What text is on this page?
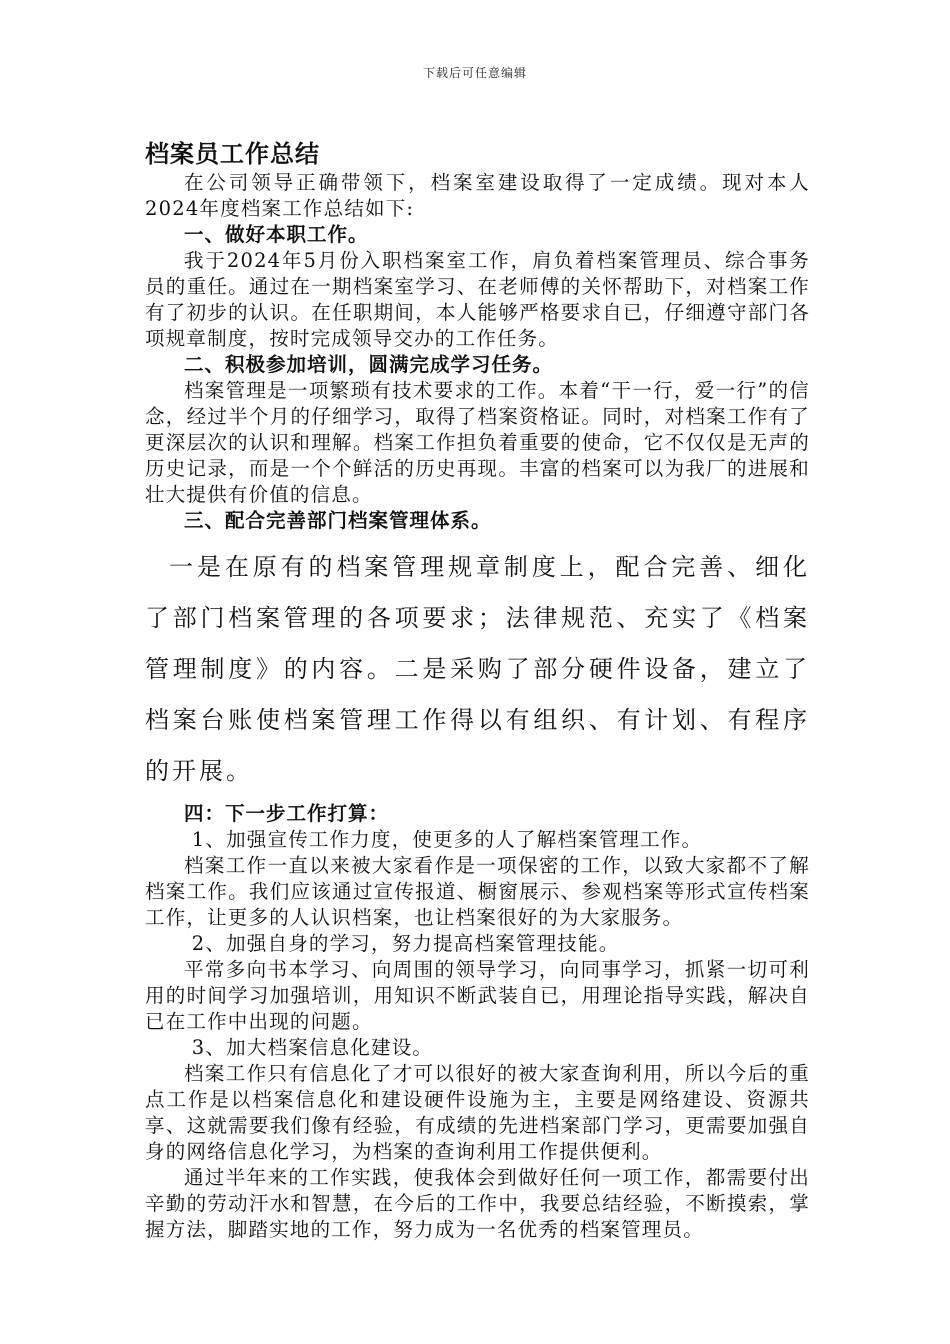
下载后可任意编辑
档案员工作总结

在公司领导正确带领下，档案室建设取得了一定成绩。现对本人2024年度档案工作总结如下:

一、做好本职工作。

我于2024年5月份入职档案室工作，肩负着档案管理员、综合事务员的重任。通过在一期档案室学习、在老师傅的关怀帮助下，对档案工作有了初步的认识。在任职期间，本人能够严格要求自已，仔细遵守部门各项规章制度，按时完成领导交办的工作任务。

二、积极参加培训，圆满完成学习任务。

档案管理是一项繁琐有技术要求的工作。本着“干一行，爱一行”的信念，经过半个月的仔细学习，取得了档案资格证。同时，对档案工作有了更深层次的认识和理解。档案工作担负着重要的使命，它不仅仅是无声的历史记录，而是一个个鲜活的历史再现。丰富的档案可以为我厂的进展和壮大提供有价值的信息。

三、配合完善部门档案管理体系。

一是在原有的档案管理规章制度上，配合完善、细化了部门档案管理的各项要求；法律规范、充实了《档案管理制度》的内容。二是采购了部分硬件设备，建立了档案台账使档案管理工作得以有组织、有计划、有程序的开展。

四：下一步工作打算：

1、加强宣传工作力度，使更多的人了解档案管理工作。

档案工作一直以来被大家看作是一项保密的工作，以致大家都不了解档案工作。我们应该通过宣传报道、橱窗展示、参观档案等形式宣传档案工作，让更多的人认识档案，也让档案很好的为大家服务。

2、加强自身的学习，努力提高档案管理技能。

平常多向书本学习、向周围的领导学习，向同事学习，抓紧一切可利用的时间学习加强培训，用知识不断武装自已，用理论指导实践，解决自已在工作中出现的问题。

3、加大档案信息化建设。

档案工作只有信息化了才可以很好的被大家查询利用，所以今后的重点工作是以档案信息化和建设硬件设施为主，主要是网络建设、资源共享、这就需要我们像有经验，有成绩的先进档案部门学习，更需要加强自身的网络信息化学习，为档案的查询利用工作提供便利。

通过半年来的工作实践，使我体会到做好任何一项工作，都需要付出辛勤的劳动汗水和智慧，在今后的工作中，我要总结经验，不断摸索，掌握方法，脚踏实地的工作，努力成为一名优秀的档案管理员。
